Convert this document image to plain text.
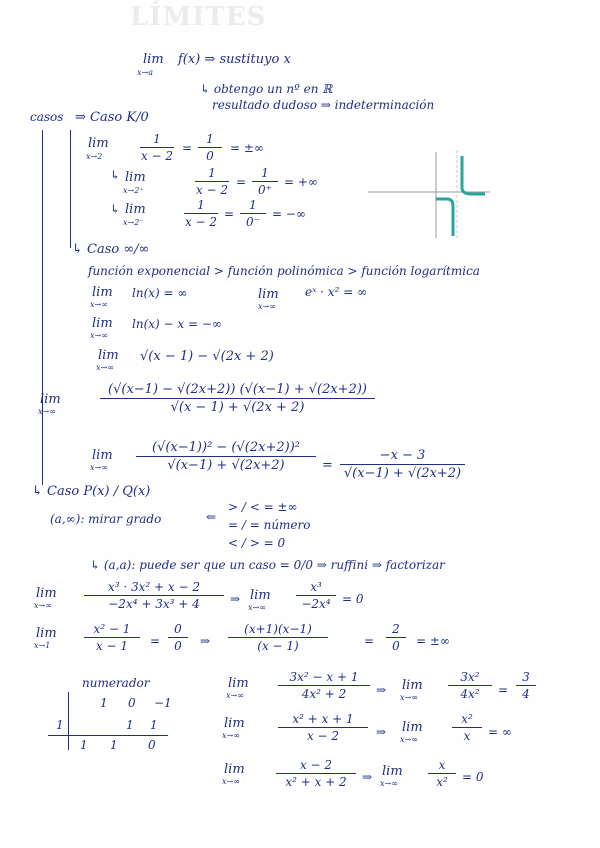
LÍMITES
lim
x→a
f(x) ⇒ sustituyo x
↳ obtengo un nº en ℝ
resultado dudoso ⇒ indeterminación
casos ⇒ Caso K/0
lim
x→2
1
x − 2
=
1
0
= ±∞
↳ lim
x→2⁺
1
x − 2
=
1
0⁺
= +∞
↳ lim
x→2⁻
1
x − 2
=
1
0⁻
= −∞
↳ Caso ∞/∞
función exponencial > función polinómica > función logarítmica
lim
x→∞
ln(x) = ∞	lim
x→∞
eˣ · x² = ∞
lim
x→∞
ln(x) − x = −∞
lim
x→∞
√(x − 1) − √(2x + 2)
lim
x→∞
(√(x−1) − √(2x+2)) (√(x−1) + √(2x+2))
√(x − 1) + √(2x + 2)
lim
x→∞
(√(x−1))² − (√(2x+2))²
√(x−1) + √(2x+2)	=
−x − 3
√(x−1) + √(2x+2)
↳ Caso P(x) / Q(x)
(a,∞): mirar grado	⇐
> / < = ±∞
= / = número
< / > = 0
↳ (a,a): puede ser que un caso = 0/0 ⇒ ruffini ⇒ factorizar
lim
x→∞
x³ · 3x² + x − 2
−2x⁴ + 3x³ + 4	⇒ lim
x→∞
x³
−2x⁴ = 0
lim
x→1
x² − 1
x − 1	=
0
0	⇒
(x+1)(x−1)
(x − 1)	=
2
0	= ±∞
numerador
1 0 −1
1	1 1
1 1	0
lim
x→∞
3x² − x + 1
4x² + 2	⇒ lim
x→∞
3x²
4x²	=
3
4
lim
x→∞
x² + x + 1
x − 2	⇒ lim
x→∞
x²
x	= ∞
lim
x→∞
x − 2
x² + x + 2	⇒ lim
x→∞
x
x²	= 0
